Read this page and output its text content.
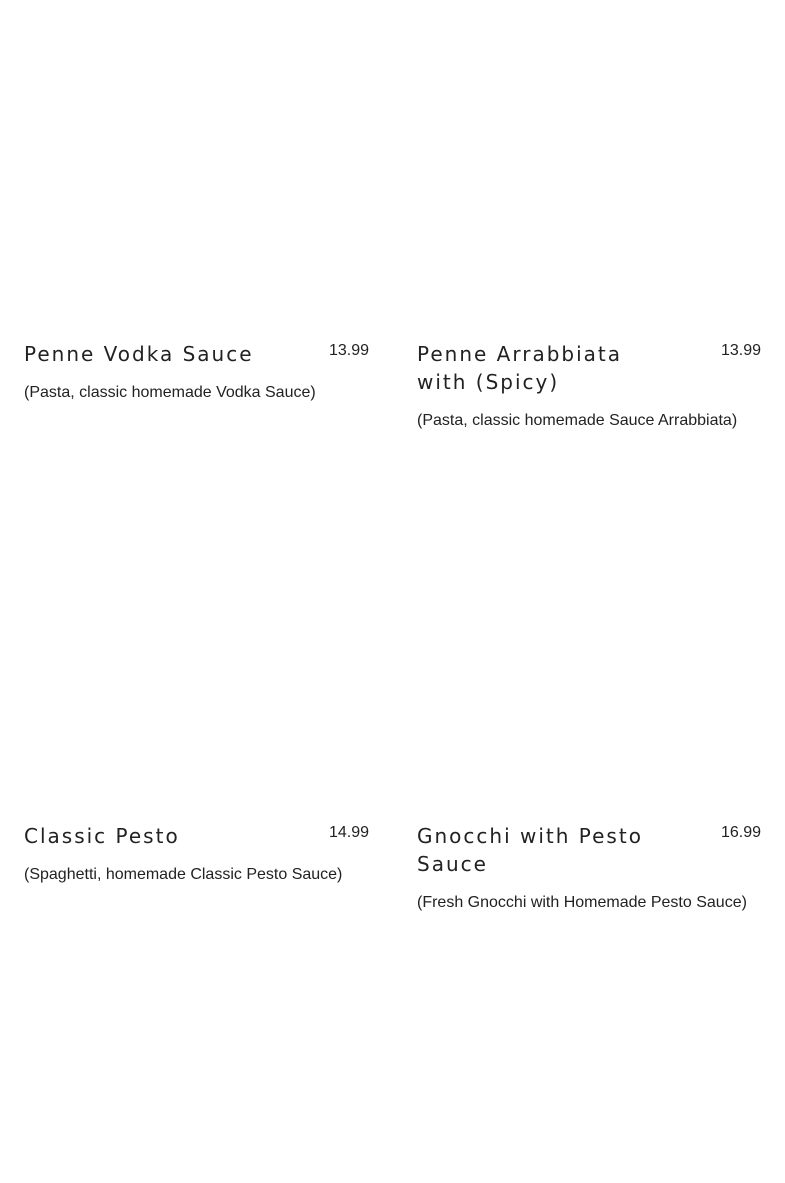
Penne Vodka Sauce	13.99
(Pasta, classic homemade Vodka Sauce)
Penne Arrabbiata with (Spicy)
13.99
(Pasta, classic homemade Sauce Arrabbiata)
Classic Pesto	14.99
(Spaghetti, homemade Classic Pesto Sauce)
Gnocchi with Pesto Sauce
16.99
(Fresh Gnocchi with Homemade Pesto Sauce)
